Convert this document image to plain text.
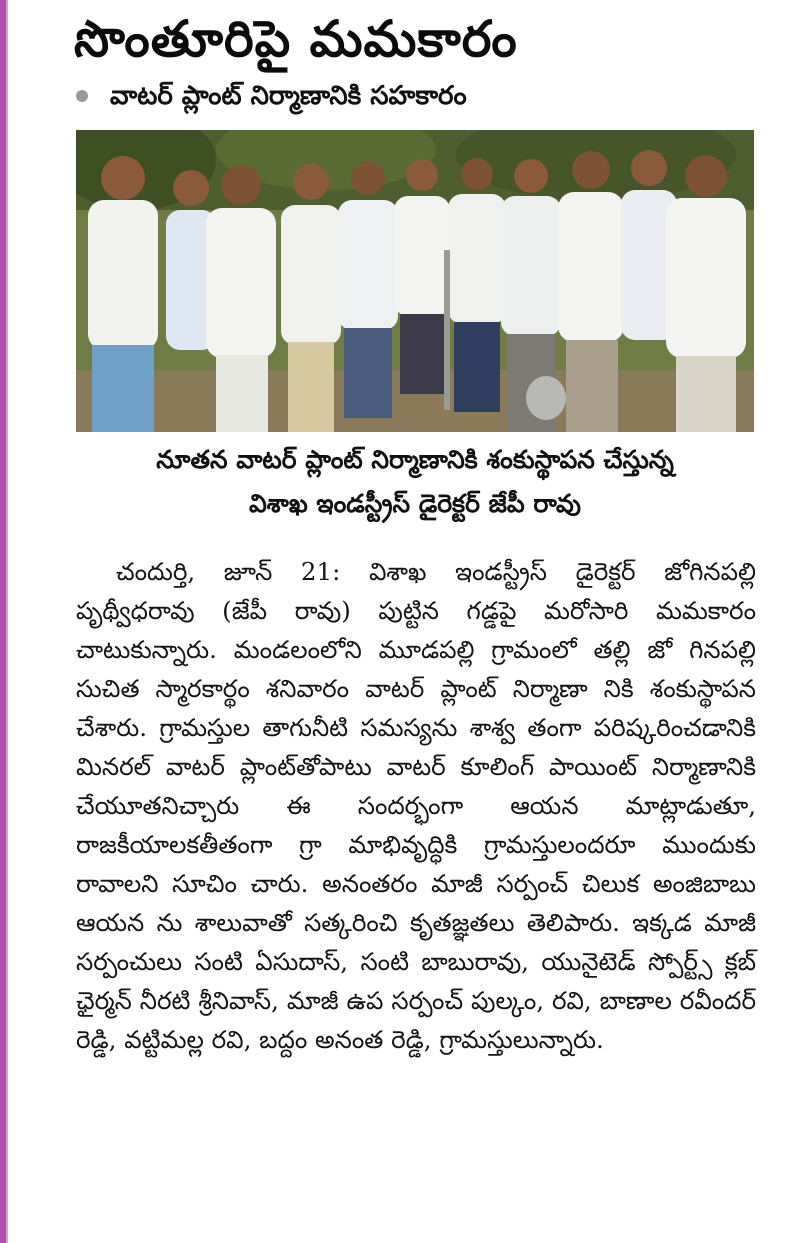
సొంతూరిపై మమకారం
వాటర్ ప్లాంట్ నిర్మాణానికి సహకారం
నూతన వాటర్ ప్లాంట్ నిర్మాణానికి శంకుస్థాపన చేస్తున్న
విశాఖ ఇండస్ట్రీస్ డైరెక్టర్ జేపీ రావు

చందుర్తి, జూన్ 21: విశాఖ ఇండస్ట్రీస్ డైరెక్టర్ జోగినపల్లి పృథ్వీధరావు (జేపీ రావు) పుట్టిన గడ్డపై మరోసారి మమకారం చాటుకున్నారు. మండలంలోని మూడపల్లి గ్రామంలో తల్లి జో గినపల్లి సుచిత స్మారకార్థం శనివారం వాటర్ ప్లాంట్ నిర్మాణా నికి శంకుస్థాపన చేశారు. గ్రామస్తుల తాగునీటి సమస్యను శాశ్వ తంగా పరిష్కరించడానికి మినరల్ వాటర్ ప్లాంట్‌తోపాటు వాటర్ కూలింగ్ పాయింట్ నిర్మాణానికి చేయూతనిచ్చారు ఈ సందర్భంగా ఆయన మాట్లాడుతూ, రాజకీయాలకతీతంగా గ్రా మాభివృద్ధికి గ్రామస్తులందరూ ముందుకు రావాలని సూచిం చారు. అనంతరం మాజీ సర్పంచ్ చిలుక అంజిబాబు ఆయన ను శాలువాతో సత్కరించి కృతజ్ఞతలు తెలిపారు. ఇక్కడ మాజీ సర్పంచులు సంటి ఏసుదాస్, సంటి బాబురావు, యునైటెడ్ స్పోర్ట్స్ క్లబ్ ఛైర్మన్ నీరటి శ్రీనివాస్, మాజీ ఉప సర్పంచ్ పుల్కం, రవి, బాణాల రవీందర్ రెడ్డి, వట్టిమల్ల రవి, బద్దం అనంత రెడ్డి, గ్రామస్తులున్నారు.
